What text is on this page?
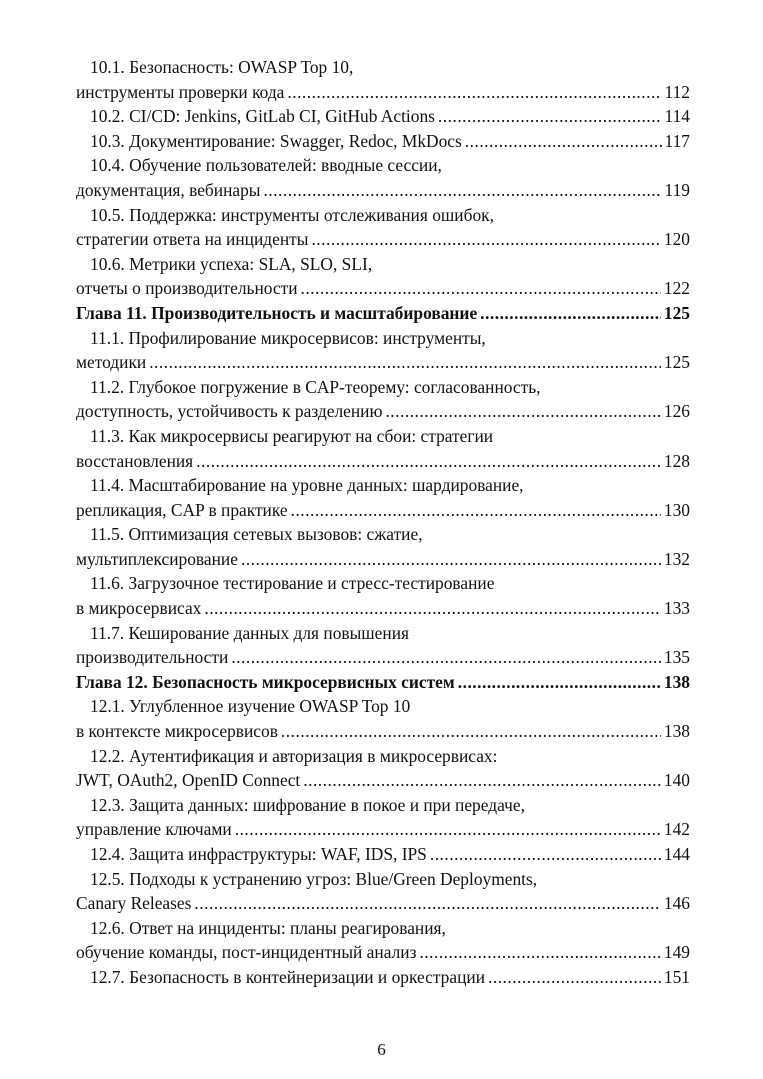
10.1. Безопасность: OWASP Top 10,
инструменты проверки кода .....	112
10.2. CI/CD: Jenkins, GitLab CI, GitHub Actions .....	114
10.3. Документирование: Swagger, Redoc, MkDocs .....	117
10.4. Обучение пользователей: вводные сессии,
документация, вебинары .....	119
10.5. Поддержка: инструменты отслеживания ошибок,
стратегии ответа на инциденты .....	120
10.6. Метрики успеха: SLA, SLO, SLI,
отчеты о производительности .....	122
Глава 11. Производительность и масштабирование .....	125
11.1. Профилирование микросервисов: инструменты,
методики .....	125
11.2. Глубокое погружение в CAP-теорему: согласованность,
доступность, устойчивость к разделению .....	126
11.3. Как микросервисы реагируют на сбои: стратегии
восстановления .....	128
11.4. Масштабирование на уровне данных: шардирование,
репликация, CAP в практике .....	130
11.5. Оптимизация сетевых вызовов: сжатие,
мультиплексирование .....	132
11.6. Загрузочное тестирование и стресс-тестирование
в микросервисах .....	133
11.7. Кеширование данных для повышения
производительности .....	135
Глава 12. Безопасность микросервисных систем .....	138
12.1. Углубленное изучение OWASP Top 10
в контексте микросервисов .....	138
12.2. Аутентификация и авторизация в микросервисах:
JWT, OAuth2, OpenID Connect .....	140
12.3. Защита данных: шифрование в покое и при передаче,
управление ключами .....	142
12.4. Защита инфраструктуры: WAF, IDS, IPS .....	144
12.5. Подходы к устранению угроз: Blue/Green Deployments,
Canary Releases .....	146
12.6. Ответ на инциденты: планы реагирования,
обучение команды, пост-инцидентный анализ .....	149
12.7. Безопасность в контейнеризации и оркестрации .....	151
6
